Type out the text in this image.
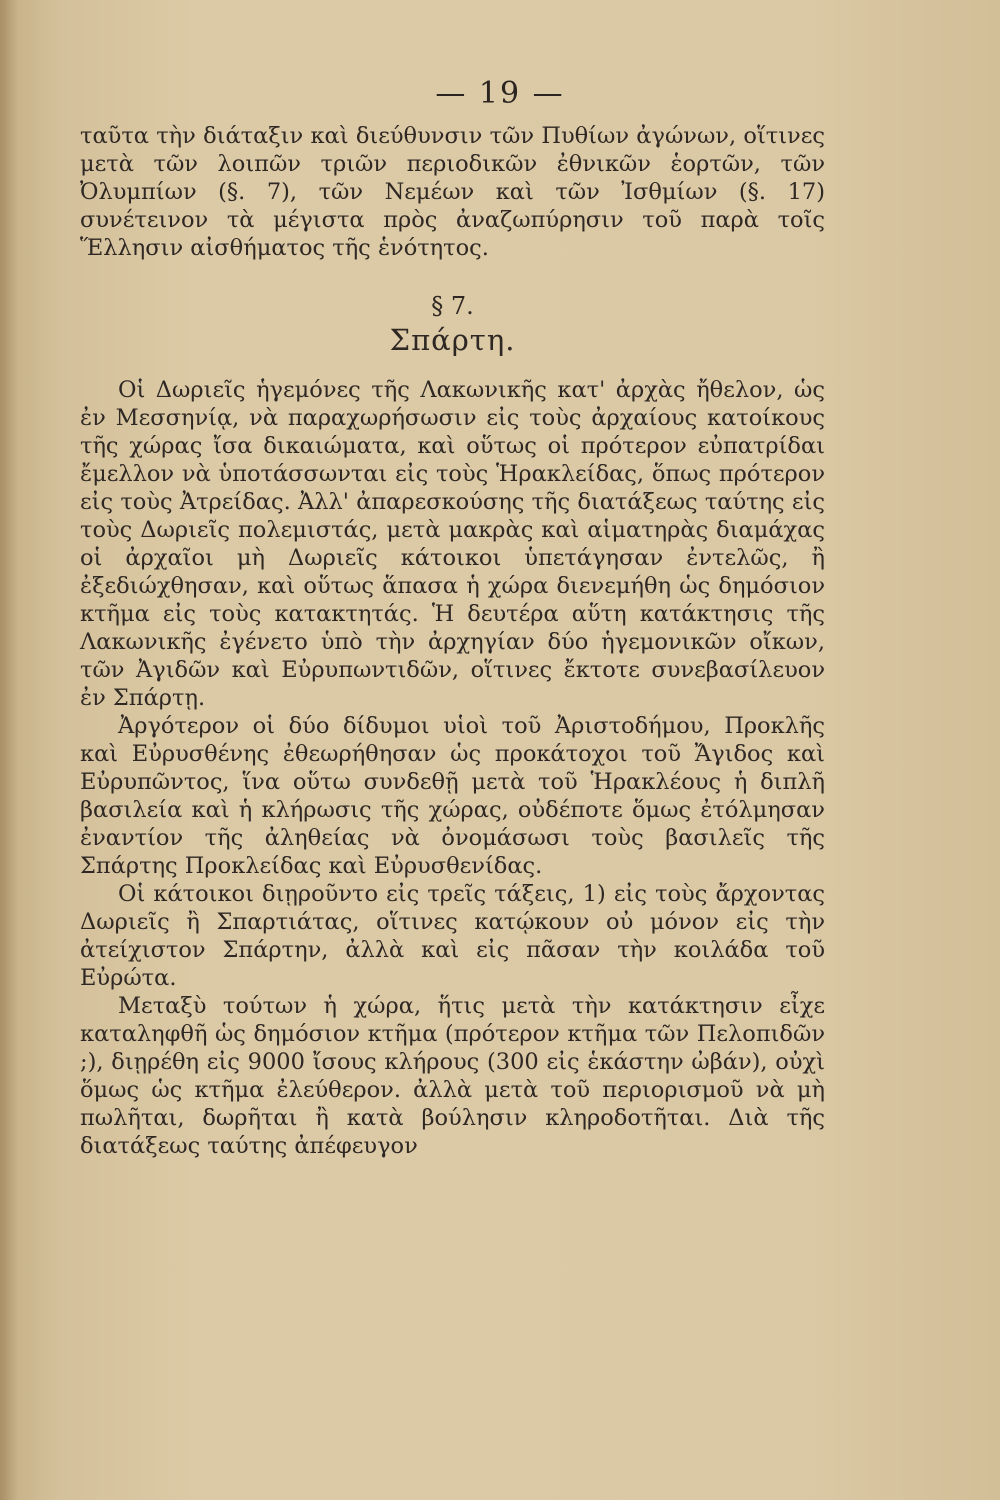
— 19 —

ταῦτα τὴν διάταξιν καὶ διεύθυνσιν τῶν Πυθίων ἀγώνων, οἵτινες μετὰ τῶν λοιπῶν τριῶν περιοδικῶν ἐθνικῶν ἑορτῶν, τῶν Ὀλυμπίων (§. 7), τῶν Νεμέων καὶ τῶν Ἰσθμίων (§. 17) συνέτεινον τὰ μέγιστα πρὸς ἀναζωπύρησιν τοῦ παρὰ τοῖς Ἕλλησιν αἰσθήματος τῆς ἑνότητος.

§ 7.
Σπάρτη.

Οἱ Δωριεῖς ἡγεμόνες τῆς Λακωνικῆς κατ' ἀρχὰς ἤθελον, ὡς ἐν Μεσσηνίᾳ, νὰ παραχωρήσωσιν εἰς τοὺς ἀρχαίους κατοίκους τῆς χώρας ἴσα δικαιώματα, καὶ οὕτως οἱ πρότερον εὐπατρίδαι ἔμελλον νὰ ὑποτάσσωνται εἰς τοὺς Ἡρακλείδας, ὅπως πρότερον εἰς τοὺς Ἀτρείδας. Ἀλλ' ἀπαρεσκούσης τῆς διατάξεως ταύτης εἰς τοὺς Δωριεῖς πολεμιστάς, μετὰ μακρὰς καὶ αἱματηρὰς διαμάχας οἱ ἀρχαῖοι μὴ Δωριεῖς κάτοικοι ὑπετάγησαν ἐντελῶς, ἢ ἐξεδιώχθησαν, καὶ οὕτως ἅπασα ἡ χώρα διενεμήθη ὡς δημόσιον κτῆμα εἰς τοὺς κατακτητάς. Ἡ δευτέρα αὕτη κατάκτησις τῆς Λακωνικῆς ἐγένετο ὑπὸ τὴν ἀρχηγίαν δύο ἡγεμονικῶν οἴκων, τῶν Ἀγιδῶν καὶ Εὐρυπωντιδῶν, οἵτινες ἔκτοτε συνεβασίλευον ἐν Σπάρτῃ.

Ἀργότερον οἱ δύο δίδυμοι υἱοὶ τοῦ Ἀριστοδήμου, Προκλῆς καὶ Εὐρυσθένης ἐθεωρήθησαν ὡς προκάτοχοι τοῦ Ἄγιδος καὶ Εὐρυπῶντος, ἵνα οὕτω συνδεθῇ μετὰ τοῦ Ἡρακλέους ἡ διπλῆ βασιλεία καὶ ἡ κλήρωσις τῆς χώρας, οὐδέποτε ὅμως ἐτόλμησαν ἐναντίον τῆς ἀληθείας νὰ ὀνομάσωσι τοὺς βασιλεῖς τῆς Σπάρτης Προκλείδας καὶ Εὐρυσθενίδας.

Οἱ κάτοικοι διῃροῦντο εἰς τρεῖς τάξεις, 1) εἰς τοὺς ἄρχοντας Δωριεῖς ἢ Σπαρτιάτας, οἵτινες κατῴκουν οὐ μόνον εἰς τὴν ἀτείχιστον Σπάρτην, ἀλλὰ καὶ εἰς πᾶσαν τὴν κοιλάδα τοῦ Εὐρώτα.

Μεταξὺ τούτων ἡ χώρα, ἥτις μετὰ τὴν κατάκτησιν εἶχε καταληφθῆ ὡς δημόσιον κτῆμα (πρότερον κτῆμα τῶν Πελοπιδῶν ;), διῃρέθη εἰς 9000 ἴσους κλήρους (300 εἰς ἑκάστην ὠβάν), οὐχὶ ὅμως ὡς κτῆμα ἐλεύθερον. ἀλλὰ μετὰ τοῦ περιορισμοῦ νὰ μὴ πωλῆται, δωρῆται ἢ κατὰ βούλησιν κληροδοτῆται. Διὰ τῆς διατάξεως ταύτης ἀπέφευγον
